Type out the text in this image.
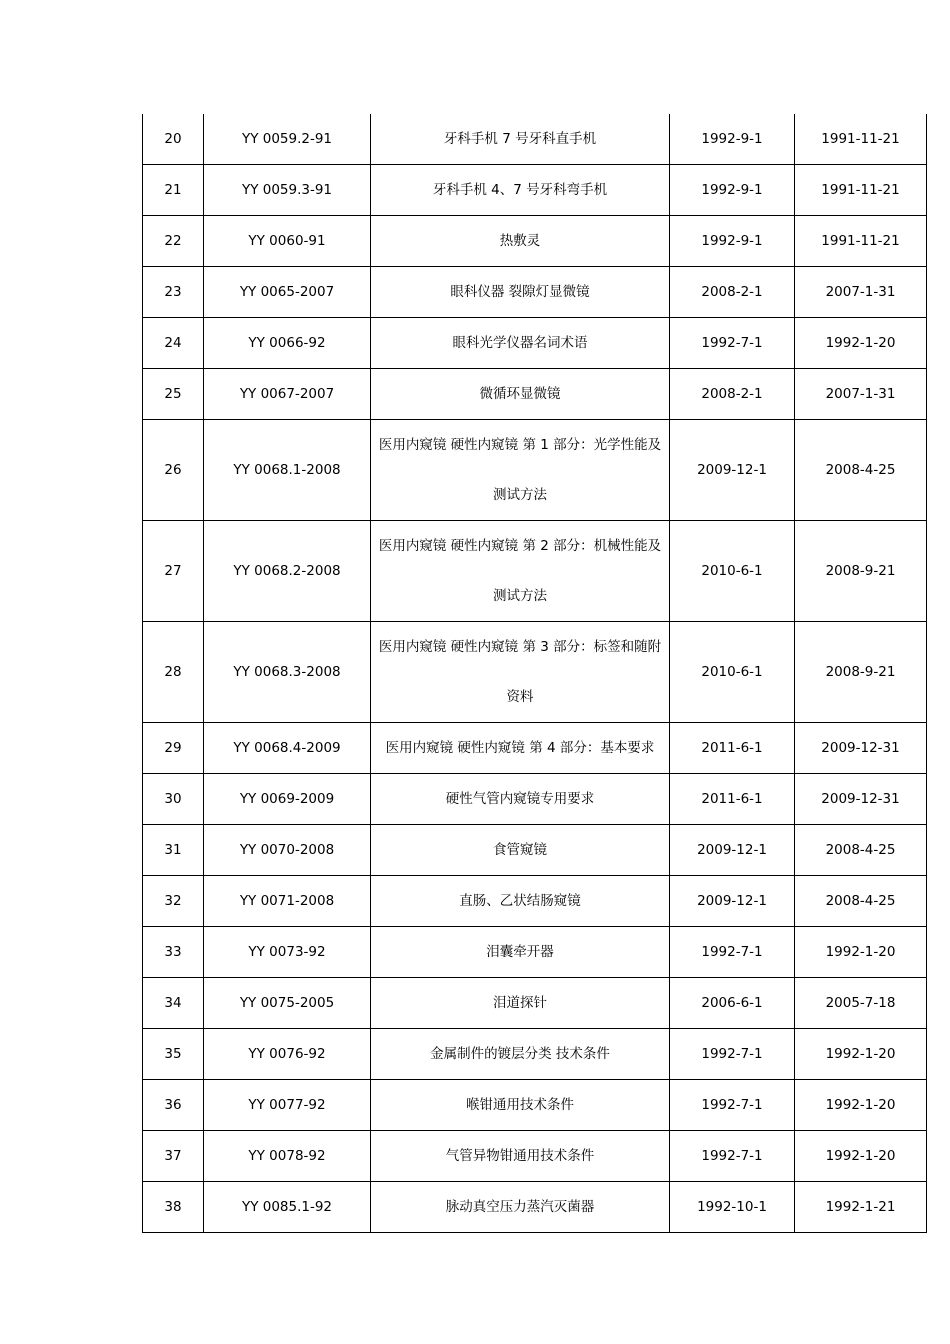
20	YY 0059.2-91	牙科手机 7 号牙科直手机	1992-9-1	1991-11-21
21	YY 0059.3-91	牙科手机 4、7 号牙科弯手机	1992-9-1	1991-11-21
22	YY 0060-91	热敷灵	1992-9-1	1991-11-21
23	YY 0065-2007	眼科仪器 裂隙灯显微镜	2008-2-1	2007-1-31
24	YY 0066-92	眼科光学仪器名词术语	1992-7-1	1992-1-20
25	YY 0067-2007	微循环显微镜	2008-2-1	2007-1-31
26	YY 0068.1-2008	医用内窥镜 硬性内窥镜 第 1 部分：光学性能及测试方法	2009-12-1	2008-4-25
27	YY 0068.2-2008	医用内窥镜 硬性内窥镜 第 2 部分：机械性能及测试方法	2010-6-1	2008-9-21
28	YY 0068.3-2008	医用内窥镜 硬性内窥镜 第 3 部分：标签和随附资料	2010-6-1	2008-9-21
29	YY 0068.4-2009	医用内窥镜 硬性内窥镜 第 4 部分：基本要求	2011-6-1	2009-12-31
30	YY 0069-2009	硬性气管内窥镜专用要求	2011-6-1	2009-12-31
31	YY 0070-2008	食管窥镜	2009-12-1	2008-4-25
32	YY 0071-2008	直肠、乙状结肠窥镜	2009-12-1	2008-4-25
33	YY 0073-92	泪囊牵开器	1992-7-1	1992-1-20
34	YY 0075-2005	泪道探针	2006-6-1	2005-7-18
35	YY 0076-92	金属制件的镀层分类 技术条件	1992-7-1	1992-1-20
36	YY 0077-92	喉钳通用技术条件	1992-7-1	1992-1-20
37	YY 0078-92	气管异物钳通用技术条件	1992-7-1	1992-1-20
38	YY 0085.1-92	脉动真空压力蒸汽灭菌器	1992-10-1	1992-1-21
